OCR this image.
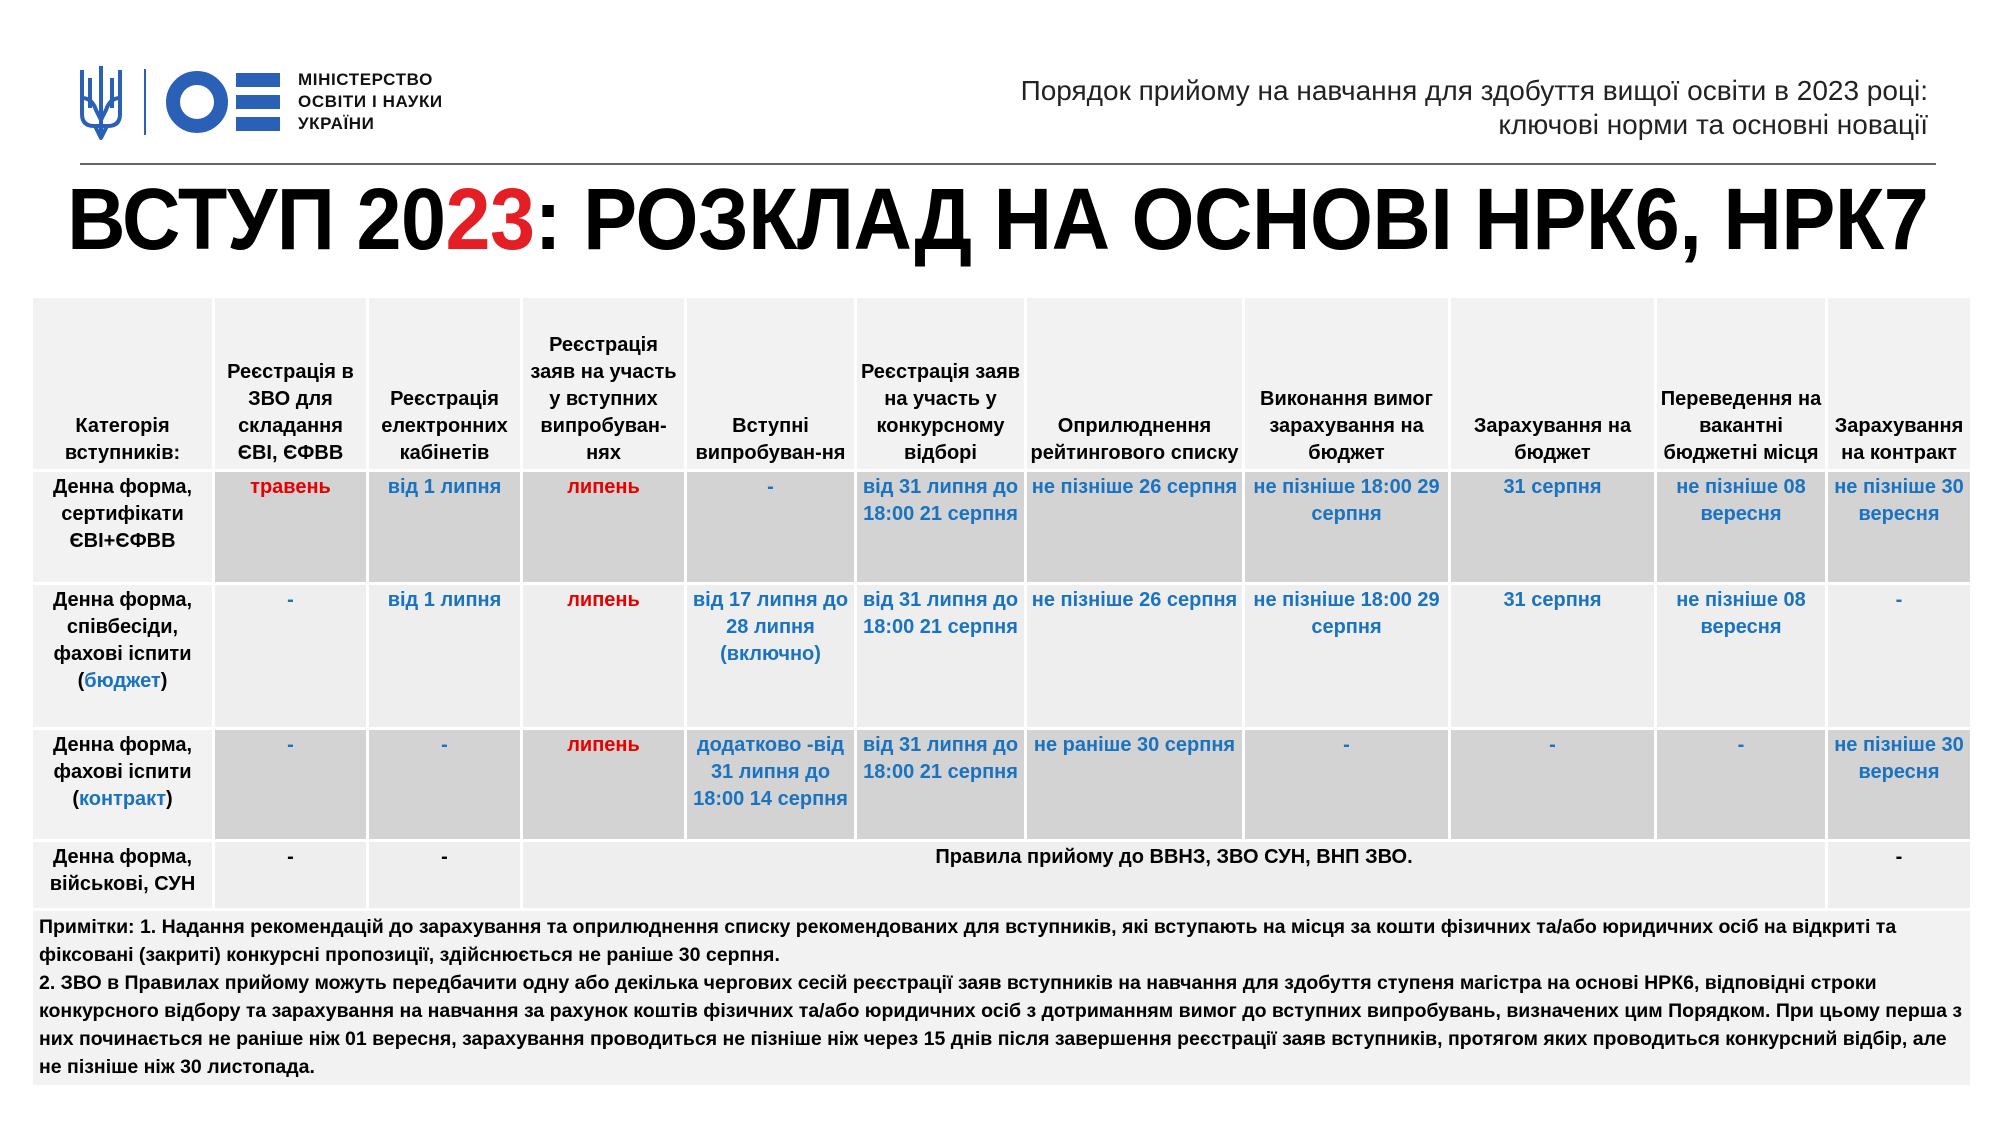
МІНІСТЕРСТВО
ОСВІТИ І НАУКИ
УКРАЇНИ
Порядок прийому на навчання для здобуття вищої освіти в 2023 році:
ключові норми та основні новації
ВСТУП 2023: РОЗКЛАД НА ОСНОВІ НРК6, НРК7
Категорія вступників:	Реєстрація в ЗВО для складання ЄВІ, ЄФВВ	Реєстрація електронних кабінетів	Реєстрація заяв на участь у вступних випробуван-нях	Вступні випробуван-ня	Реєстрація заяв на участь у конкурсному відборі	Оприлюднення рейтингового списку	Виконання вимог зарахування на бюджет	Зарахування на бюджет	Переведення на вакантні бюджетні місця	Зарахування на контракт
Денна форма, сертифікати ЄВІ+ЄФВВ	травень	від 1 липня	липень	-	від 31 липня до 18:00 21 серпня	не пізніше 26 серпня	не пізніше 18:00 29 серпня	31 серпня	не пізніше 08 вересня	не пізніше 30 вересня
Денна форма, співбесіди, фахові іспити (бюджет)	-	від 1 липня	липень	від 17 липня до 28 липня (включно)	від 31 липня до 18:00 21 серпня	не пізніше 26 серпня	не пізніше 18:00 29 серпня	31 серпня	не пізніше 08 вересня	-
Денна форма, фахові іспити (контракт)	-	-	липень	додатково -від 31 липня до 18:00 14 серпня	від 31 липня до 18:00 21 серпня	не раніше 30 серпня	-	-	-	не пізніше 30 вересня
Денна форма, військові, СУН	-	-	Правила прийому до ВВНЗ, ЗВО СУН, ВНП ЗВО.							-

Примітки: 1. Надання рекомендацій до зарахування та оприлюднення списку рекомендованих для вступників, які вступають на місця за кошти фізичних та/або юридичних осіб на відкриті та фіксовані (закриті) конкурсні пропозиції, здійснюється не раніше 30 серпня.
2. ЗВО в Правилах прийому можуть передбачити одну або декілька чергових сесій реєстрації заяв вступників на навчання для здобуття ступеня магістра на основі НРК6, відповідні строки конкурсного відбору та зарахування на навчання за рахунок коштів фізичних та/або юридичних осіб з дотриманням вимог до вступних випробувань, визначених цим Порядком. При цьому перша з них починається не раніше ніж 01 вересня, зарахування проводиться не пізніше ніж через 15 днів після завершення реєстрації заяв вступників, протягом яких проводиться конкурсний відбір, але не пізніше ніж 30 листопада.										
